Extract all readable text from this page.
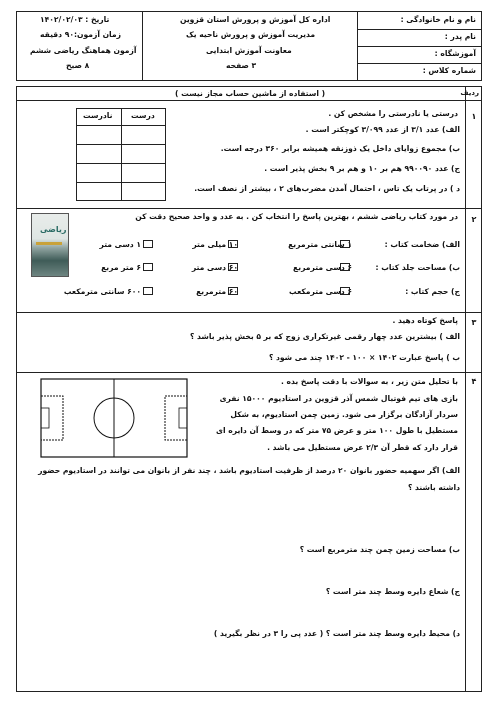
نام و نام خانوادگی :
نام پدر :
آموزشگاه :
شماره کلاس :
اداره کل آموزش و پرورش استان قزوین
مدیریت آموزش و پرورش ناحیه یک
معاونت آموزش ابتدایی
۳ صفحه
تاریخ : ۱۴۰۲/۰۲/۰۳
زمان آزمون:۹۰ دقیقه
آزمون هماهنگ ریاضی ششم
۸ صبح
ردیف
( استفاده از ماشین حساب مجاز نیست )
۱
درستی یا نادرستی را مشخص کن .
الف) عدد ۳/۱ از عدد ۳/۰۹۹ کوچکتر است .
ب) مجموع زوایای داخل یک ذوزنقه همیشه برابر ۳۶۰ درجه است.
ج) عدد ۹۹۰۰۹۰ هم بر ۱۰ و هم بر ۹ بخش پذیر است .
د ) در پرتاب یک تاس ، احتمال آمدن مضرب‌های ۲ ، بیشتر از نصف است.
درست
نادرست
۲
در مورد کتاب ریاضی ششم ، بهترین پاسخ را انتخاب کن . به عدد و واحد صحیح دقت کن
ریاضی
الف) ضخامت کتاب :
۱ سانتی مترمربع
۱۰ میلی متر
۱ دسی متر
ب) مساحت جلد کتاب :
۶ دسی مترمربع
۶۰ دسی متر
۶ متر مربع
ج) حجم کتاب :
۶ دسی مترمکعب
۶۰ مترمربع
۶۰۰ سانتی مترمکعب
۳
پاسخ کوتاه دهید .
الف ) بیشترین عدد چهار رقمی غیرتکراری زوج که بر ۵ بخش پذیر باشد ؟
ب ) پاسخ عبارت ۱۴۰۲ × ۱۰۰ - ۱۴۰۲ چند می شود ؟
۴
با تحلیل متن زیر ، به سوالات با دقت پاسخ بده .
بازی های تیم فوتبال شمس آذر قزوین در استادیوم ۱۵۰۰۰ نفری
سردار آزادگان برگزار می شود. زمین چمن استادیوم، به شکل
مستطیل با طول ۱۰۰ متر و عرض ۷۵ متر که در وسط آن دایره ای
قرار دارد که قطر آن ۲/۳ عرض مستطیل می باشد .
الف) اگر سهمیه حضور بانوان ۲۰ درصد از ظرفیت استادیوم باشد ، چند نفر از بانوان می توانند در استادیوم حضور
داشته باشند ؟
ب) مساحت زمین چمن چند مترمربع است ؟
ج) شعاع دایره وسط چند متر است ؟
د) محیط دایره وسط چند متر است ؟ ( عدد پی را ۳ در نظر بگیرید )
